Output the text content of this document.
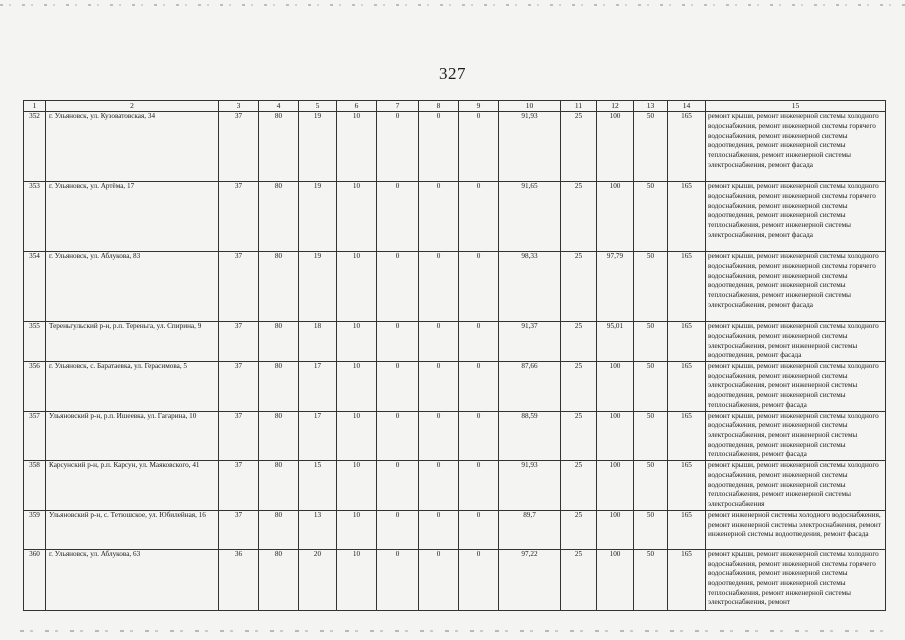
327
1	2	3	4	5	6	7	8	9	10	11	12	13	14	15
352	г. Ульяновск, ул. Кузоватовская, 34	37	80	19	10	0	0	0	91,93	25	100	50	165	ремонт крыши, ремонт инженерной системы холодного водоснабжения, ремонт инженерной системы горячего водоснабжения, ремонт инженерной системы водоотведения, ремонт инженерной системы теплоснабжения, ремонт инженерной системы электроснабжения, ремонт фасада
353	г. Ульяновск, ул. Артёма, 17	37	80	19	10	0	0	0	91,65	25	100	50	165	ремонт крыши, ремонт инженерной системы холодного водоснабжения, ремонт инженерной системы горячего водоснабжения, ремонт инженерной системы водоотведения, ремонт инженерной системы теплоснабжения, ремонт инженерной системы электроснабжения, ремонт фасада
354	г. Ульяновск, ул. Аблукова, 83	37	80	19	10	0	0	0	98,33	25	97,79	50	165	ремонт крыши, ремонт инженерной системы холодного водоснабжения, ремонт инженерной системы горячего водоснабжения, ремонт инженерной системы водоотведения, ремонт инженерной системы теплоснабжения, ремонт инженерной системы электроснабжения, ремонт фасада
355	Тереньгульский р-н, р.п. Тереньга, ул. Спирина, 9	37	80	18	10	0	0	0	91,37	25	95,01	50	165	ремонт крыши, ремонт инженерной системы холодного водоснабжения, ремонт инженерной системы электроснабжения, ремонт инженерной системы водоотведения, ремонт фасада
356	г. Ульяновск, с. Баратаевка, ул. Герасимова, 5	37	80	17	10	0	0	0	87,66	25	100	50	165	ремонт крыши, ремонт инженерной системы холодного водоснабжения, ремонт инженерной системы электроснабжения, ремонт инженерной системы водоотведения, ремонт инженерной системы теплоснабжения, ремонт фасада
357	Ульяновский р-н, р.п. Ишеевка, ул. Гагарина, 10	37	80	17	10	0	0	0	88,59	25	100	50	165	ремонт крыши, ремонт инженерной системы холодного водоснабжения, ремонт инженерной системы электроснабжения, ремонт инженерной системы водоотведения, ремонт инженерной системы теплоснабжения, ремонт фасада
358	Карсунский р-н, р.п. Карсун, ул. Маяковского, 41	37	80	15	10	0	0	0	91,93	25	100	50	165	ремонт крыши, ремонт инженерной системы холодного водоснабжения, ремонт инженерной системы водоотведения, ремонт инженерной системы теплоснабжения, ремонт инженерной системы электроснабжения
359	Ульяновский р-н, с. Тетюшское, ул. Юбилейная, 16	37	80	13	10	0	0	0	89,7	25	100	50	165	ремонт инженерной системы холодного водоснабжения, ремонт инженерной системы электроснабжения, ремонт инженерной системы водоотведения, ремонт фасада
360	г. Ульяновск, ул. Аблукова, 63	36	80	20	10	0	0	0	97,22	25	100	50	165	ремонт крыши, ремонт инженерной системы холодного водоснабжения, ремонт инженерной системы горячего водоснабжения, ремонт инженерной системы водоотведения, ремонт инженерной системы теплоснабжения, ремонт инженерной системы электроснабжения, ремонт
